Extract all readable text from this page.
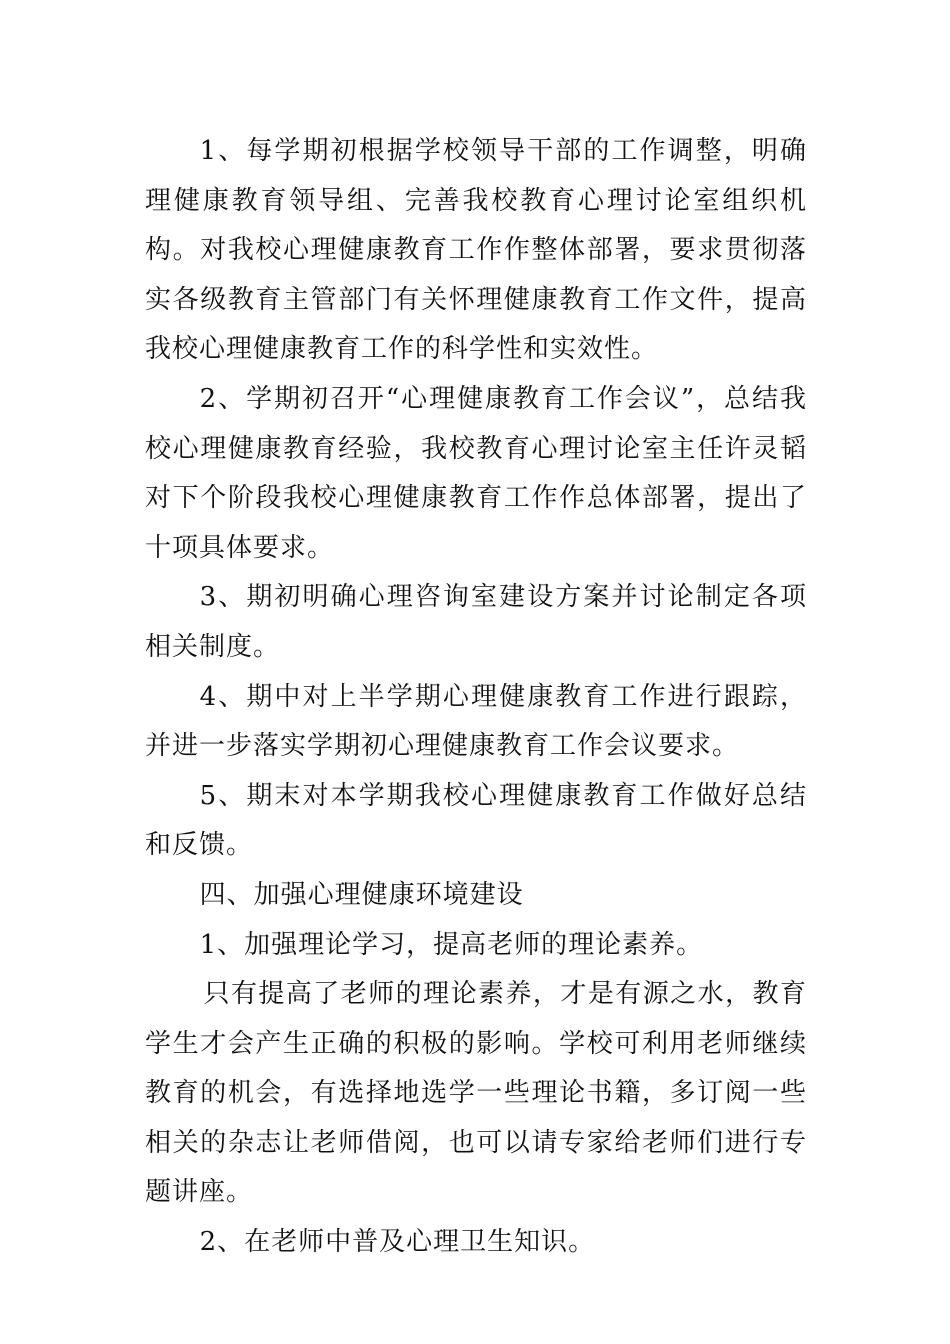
1、每学期初根据学校领导干部的工作调整，明确理健康教育领导组、完善我校教育心理讨论室组织机构。对我校心理健康教育工作作整体部署，要求贯彻落实各级教育主管部门有关怀理健康教育工作文件，提高我校心理健康教育工作的科学性和实效性。

2、学期初召开“心理健康教育工作会议”，总结我校心理健康教育经验，我校教育心理讨论室主任许灵韬对下个阶段我校心理健康教育工作作总体部署，提出了十项具体要求。

3、期初明确心理咨询室建设方案并讨论制定各项相关制度。

4、期中对上半学期心理健康教育工作进行跟踪，并进一步落实学期初心理健康教育工作会议要求。

5、期末对本学期我校心理健康教育工作做好总结和反馈。

四、加强心理健康环境建设

1、加强理论学习，提高老师的理论素养。

只有提高了老师的理论素养，才是有源之水，教育学生才会产生正确的积极的影响。学校可利用老师继续教育的机会，有选择地选学一些理论书籍，多订阅一些相关的杂志让老师借阅，也可以请专家给老师们进行专题讲座。

2、在老师中普及心理卫生知识。
